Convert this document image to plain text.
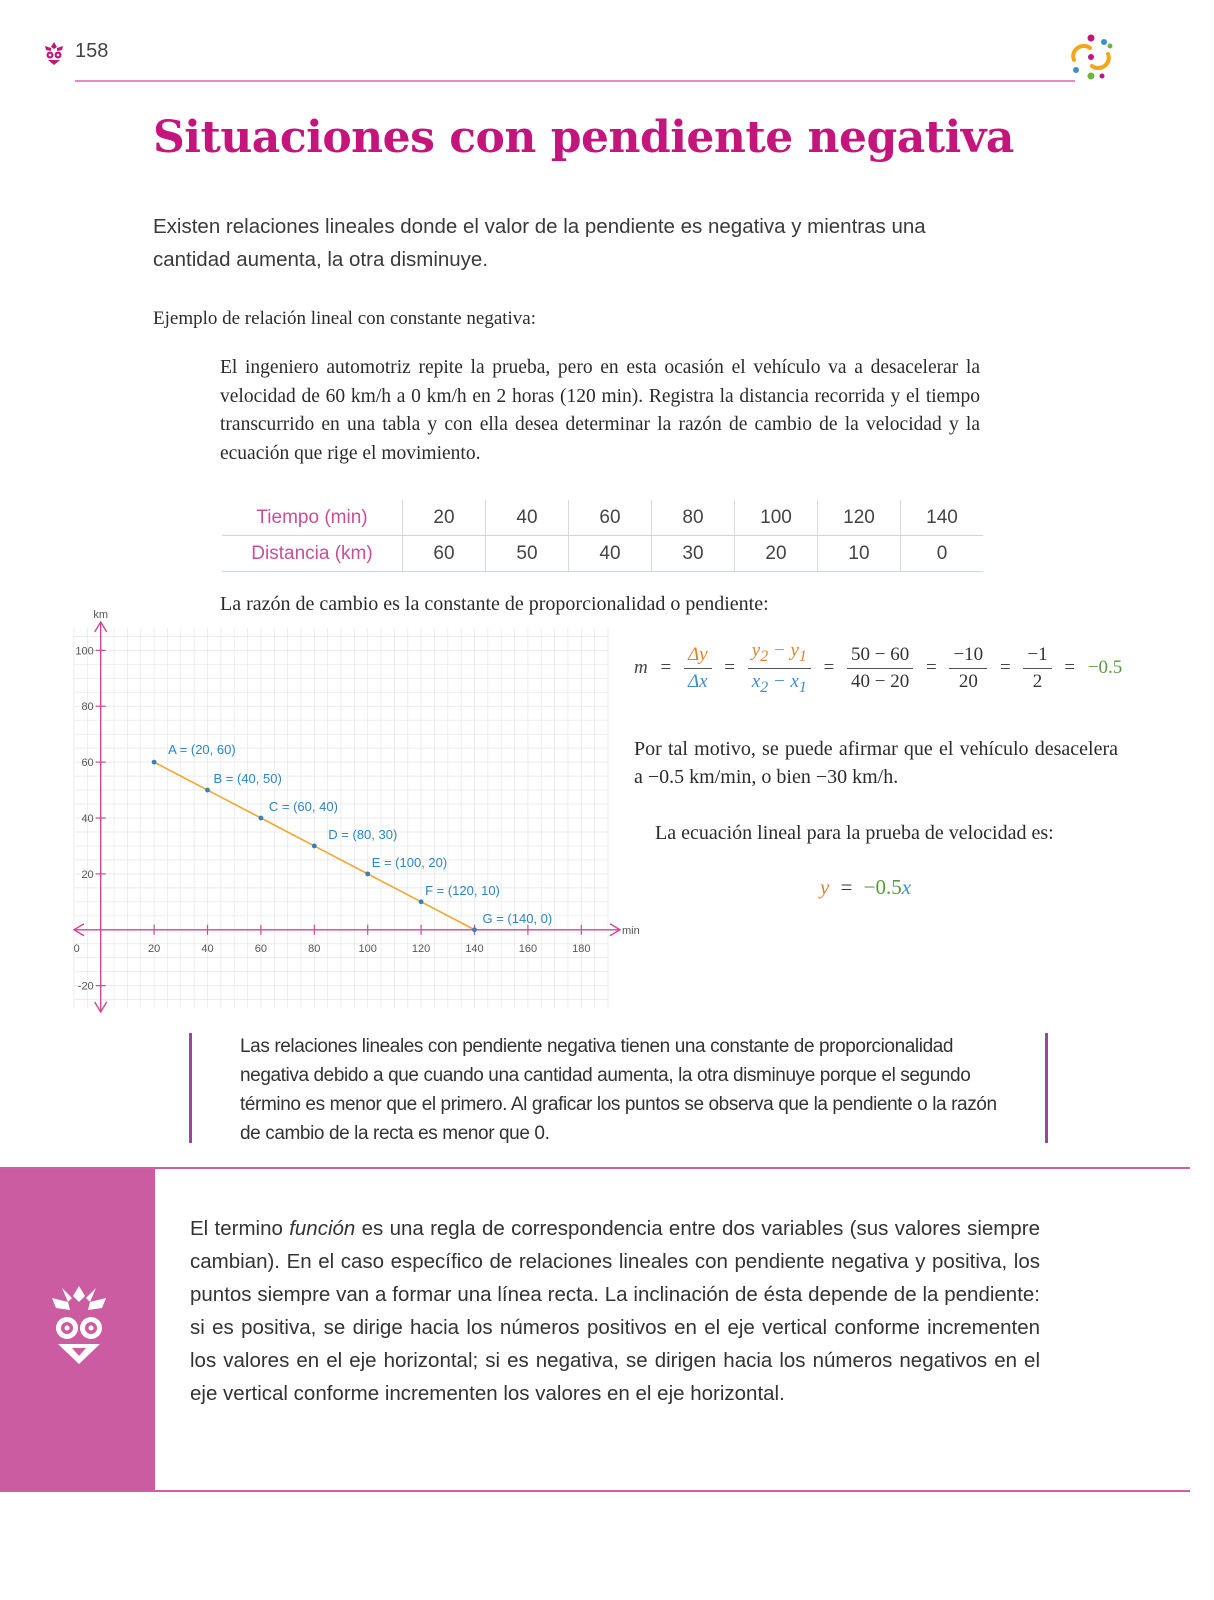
158
Situaciones con pendiente negativa
Existen relaciones lineales donde el valor de la pendiente es negativa y mientras una cantidad aumenta, la otra disminuye.
Ejemplo de relación lineal con constante negativa:
El ingeniero automotriz repite la prueba, pero en esta ocasión el vehículo va a desacelerar la velocidad de 60 km/h a 0 km/h en 2 horas (120 min). Registra la distancia recorrida y el tiempo transcurrido en una tabla y con ella desea determinar la razón de cambio de la velocidad y la ecuación que rige el movimiento.
Tiempo (min)	20	40	60	80	100	120	140
Distancia (km)	60	50	40	30	20	10	0
La razón de cambio es la constante de proporcionalidad o pendiente:
0	20	40	60	80	100	120	140	160	180
100
80
60
40
20
-20
km
min
A = (20, 60)
B = (40, 50)
C = (60, 40)
D = (80, 30)
E = (100, 20)
F = (120, 10)
G = (140, 0)
$m = \frac{\Delta y}{\Delta x} = \frac{y_2 - y_1}{x_2 - x_1} = \frac{50 - 60}{40 - 20} = \frac{-10}{20} = \frac{-1}{2} = -0.5$
Por tal motivo, se puede afirmar que el vehículo desacelera a −0.5 km/min, o bien −30 km/h.
La ecuación lineal para la prueba de velocidad es:
y = −0.5x
Las relaciones lineales con pendiente negativa tienen una constante de proporcionalidad negativa debido a que cuando una cantidad aumenta, la otra disminuye porque el segundo término es menor que el primero. Al graficar los puntos se observa que la pendiente o la razón de cambio de la recta es menor que 0.
El termino función es una regla de correspondencia entre dos variables (sus valores siempre cambian). En el caso específico de relaciones lineales con pendiente negativa y positiva, los puntos siempre van a formar una línea recta. La inclinación de ésta depende de la pendiente: si es positiva, se dirige hacia los números positivos en el eje vertical conforme incrementen los valores en el eje horizontal; si es negativa, se dirigen hacia los números negativos en el eje vertical conforme incrementen los valores en el eje horizontal.
